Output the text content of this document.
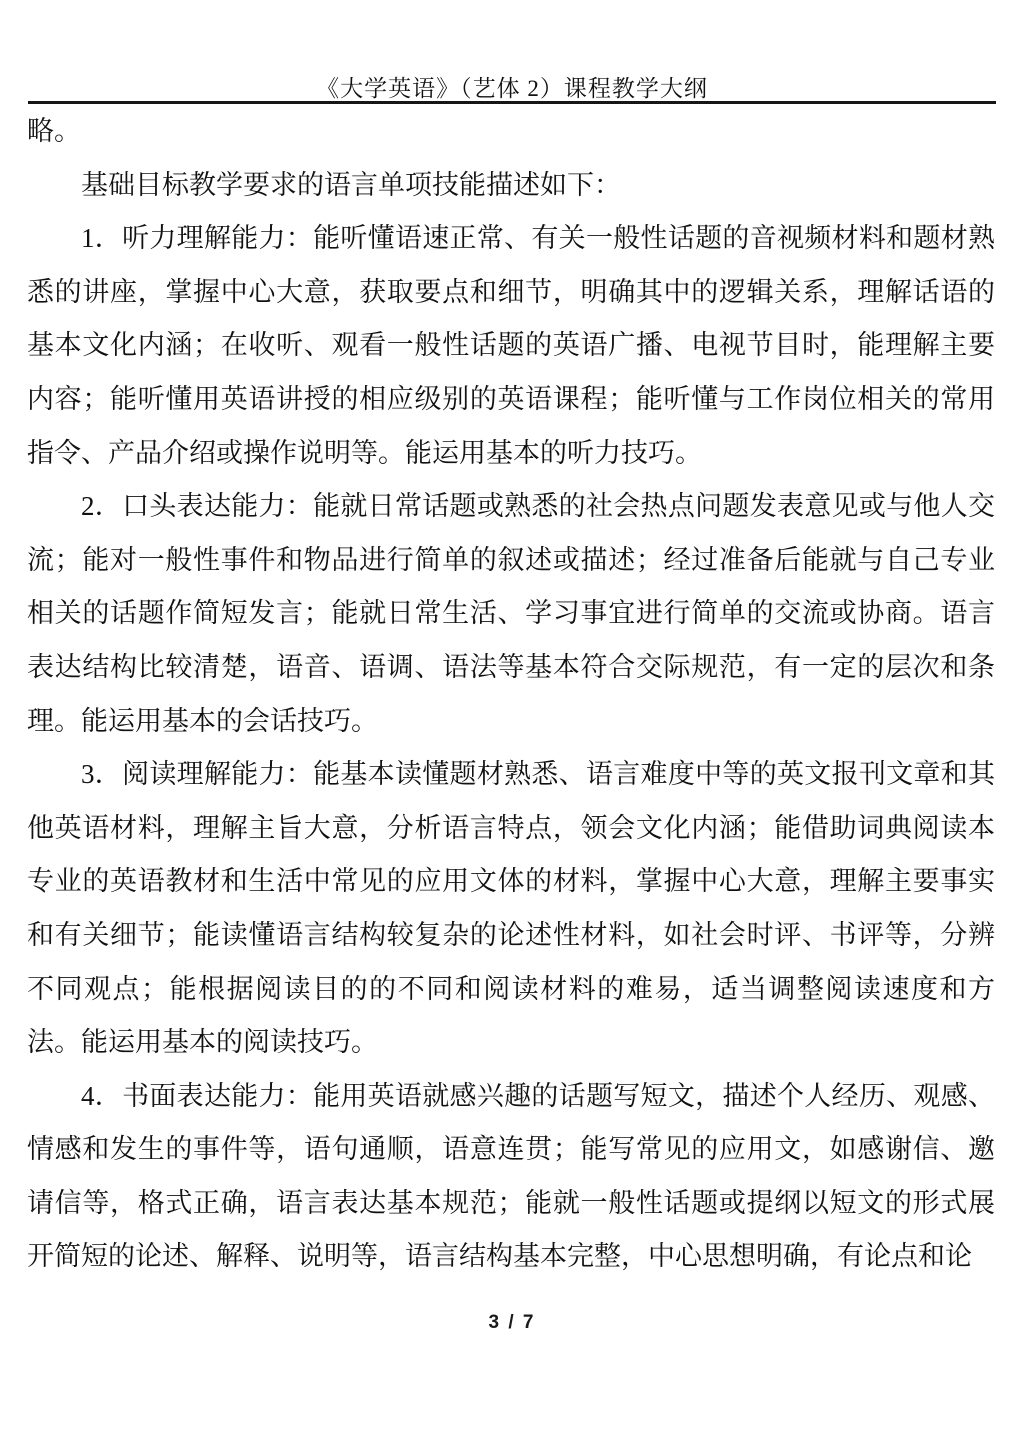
《大学英语》（艺体 2）课程教学大纲

略。

基础目标教学要求的语言单项技能描述如下：

1．听力理解能力：能听懂语速正常、有关一般性话题的音视频材料和题材熟悉的讲座，掌握中心大意，获取要点和细节，明确其中的逻辑关系，理解话语的基本文化内涵；在收听、观看一般性话题的英语广播、电视节目时，能理解主要内容；能听懂用英语讲授的相应级别的英语课程；能听懂与工作岗位相关的常用指令、产品介绍或操作说明等。能运用基本的听力技巧。

2．口头表达能力：能就日常话题或熟悉的社会热点问题发表意见或与他人交流；能对一般性事件和物品进行简单的叙述或描述；经过准备后能就与自己专业相关的话题作简短发言；能就日常生活、学习事宜进行简单的交流或协商。语言表达结构比较清楚，语音、语调、语法等基本符合交际规范，有一定的层次和条理。能运用基本的会话技巧。

3．阅读理解能力：能基本读懂题材熟悉、语言难度中等的英文报刊文章和其他英语材料，理解主旨大意，分析语言特点，领会文化内涵；能借助词典阅读本专业的英语教材和生活中常见的应用文体的材料，掌握中心大意，理解主要事实和有关细节；能读懂语言结构较复杂的论述性材料，如社会时评、书评等，分辨不同观点；能根据阅读目的的不同和阅读材料的难易，适当调整阅读速度和方法。能运用基本的阅读技巧。

4．书面表达能力：能用英语就感兴趣的话题写短文，描述个人经历、观感、情感和发生的事件等，语句通顺，语意连贯；能写常见的应用文，如感谢信、邀请信等，格式正确，语言表达基本规范；能就一般性话题或提纲以短文的形式展开简短的论述、解释、说明等，语言结构基本完整，中心思想明确，有论点和论

3 / 7
